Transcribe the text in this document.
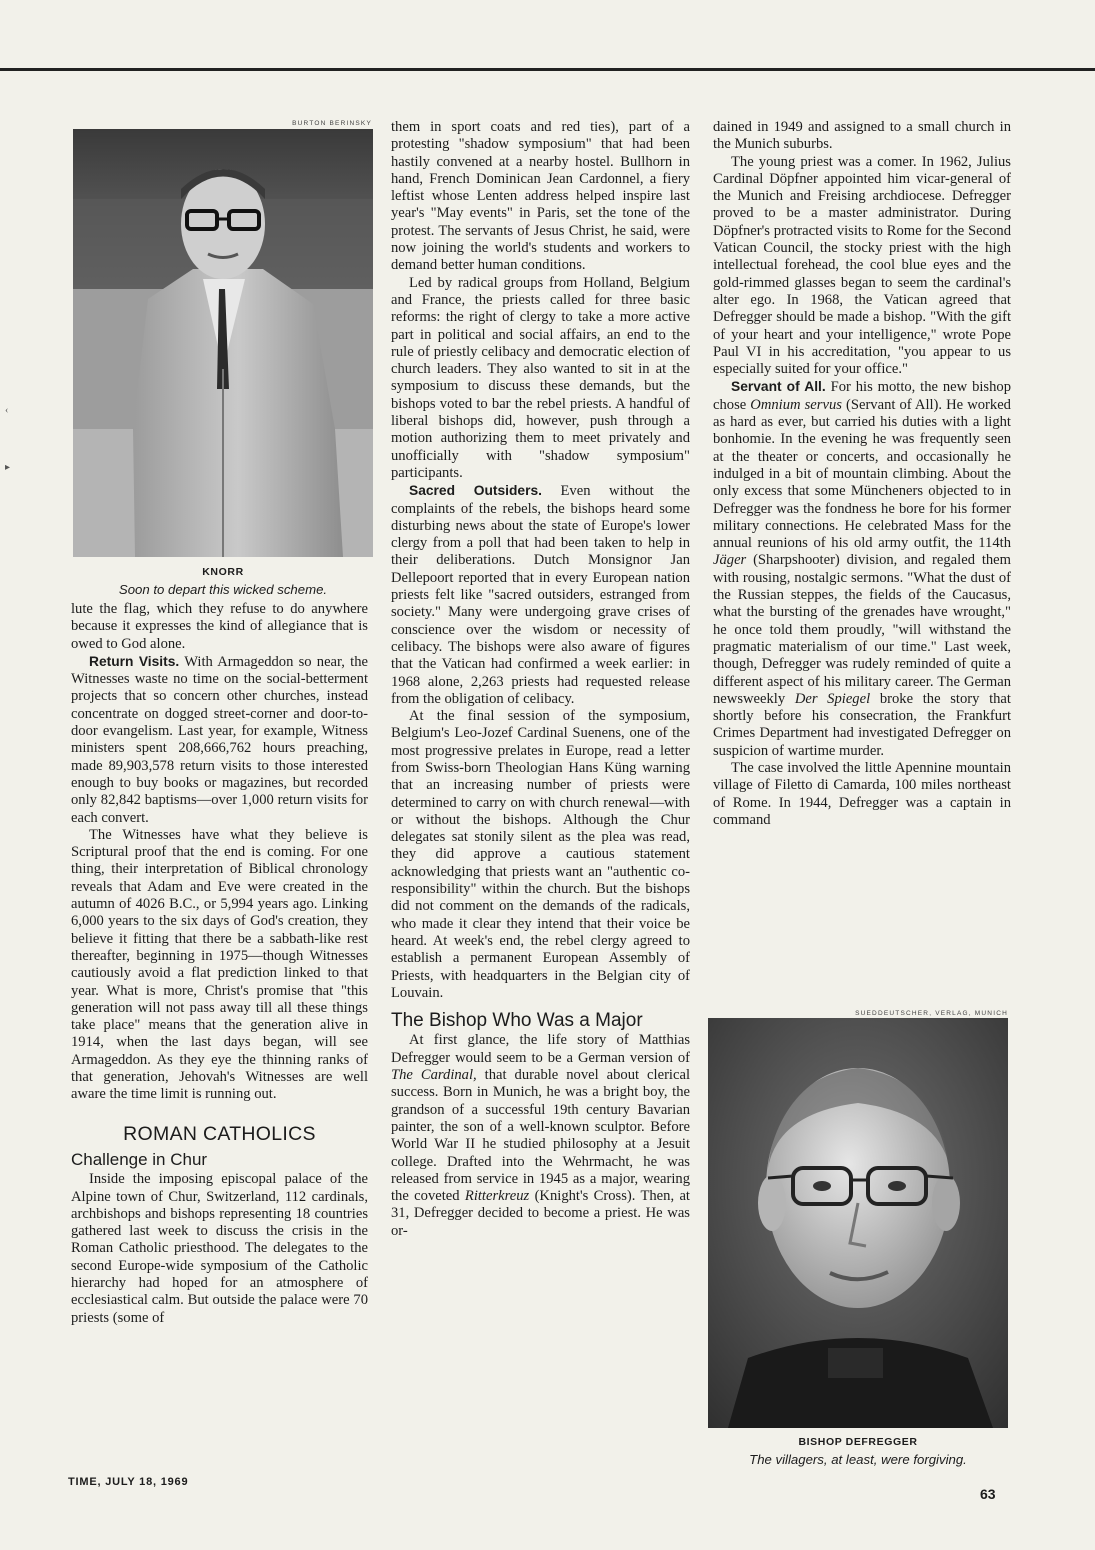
‹
▸
BURTON BERINSKY
KNORR
Soon to depart this wicked scheme.

lute the flag, which they refuse to do anywhere because it expresses the kind of allegiance that is owed to God alone.

Return Visits. With Armageddon so near, the Witnesses waste no time on the social-betterment projects that so concern other churches, instead concentrate on dogged street-corner and door-to-door evangelism. Last year, for example, Witness ministers spent 208,666,762 hours preaching, made 89,903,578 return visits to those interested enough to buy books or magazines, but recorded only 82,842 baptisms—over 1,000 return visits for each convert.

The Witnesses have what they believe is Scriptural proof that the end is coming. For one thing, their interpretation of Biblical chronology reveals that Adam and Eve were created in the autumn of 4026 B.C., or 5,994 years ago. Linking 6,000 years to the six days of God's creation, they believe it fitting that there be a sabbath-like rest thereafter, beginning in 1975—though Witnesses cautiously avoid a flat prediction linked to that year. What is more, Christ's promise that "this generation will not pass away till all these things take place" means that the generation alive in 1914, when the last days began, will see Armageddon. As they eye the thinning ranks of that generation, Jehovah's Witnesses are well aware the time limit is running out.

ROMAN CATHOLICS
Challenge in Chur

Inside the imposing episcopal palace of the Alpine town of Chur, Switzerland, 112 cardinals, archbishops and bishops representing 18 countries gathered last week to discuss the crisis in the Roman Catholic priesthood. The delegates to the second Europe-wide symposium of the Catholic hierarchy had hoped for an atmosphere of ecclesiastical calm. But outside the palace were 70 priests (some of

them in sport coats and red ties), part of a protesting "shadow symposium" that had been hastily convened at a nearby hostel. Bullhorn in hand, French Dominican Jean Cardonnel, a fiery leftist whose Lenten address helped inspire last year's "May events" in Paris, set the tone of the protest. The servants of Jesus Christ, he said, were now joining the world's students and workers to demand better human conditions.

Led by radical groups from Holland, Belgium and France, the priests called for three basic reforms: the right of clergy to take a more active part in political and social affairs, an end to the rule of priestly celibacy and democratic election of church leaders. They also wanted to sit in at the symposium to discuss these demands, but the bishops voted to bar the rebel priests. A handful of liberal bishops did, however, push through a motion authorizing them to meet privately and unofficially with "shadow symposium" participants.

Sacred Outsiders. Even without the complaints of the rebels, the bishops heard some disturbing news about the state of Europe's lower clergy from a poll that had been taken to help in their deliberations. Dutch Monsignor Jan Dellepoort reported that in every European nation priests felt like "sacred outsiders, estranged from society." Many were undergoing grave crises of conscience over the wisdom or necessity of celibacy. The bishops were also aware of figures that the Vatican had confirmed a week earlier: in 1968 alone, 2,263 priests had requested release from the obligation of celibacy.

At the final session of the symposium, Belgium's Leo-Jozef Cardinal Suenens, one of the most progressive prelates in Europe, read a letter from Swiss-born Theologian Hans Küng warning that an increasing number of priests were determined to carry on with church renewal—with or without the bishops. Although the Chur delegates sat stonily silent as the plea was read, they did approve a cautious statement acknowledging that priests want an "authentic co-responsibility" within the church. But the bishops did not comment on the demands of the radicals, who made it clear they intend that their voice be heard. At week's end, the rebel clergy agreed to establish a permanent European Assembly of Priests, with headquarters in the Belgian city of Louvain.

The Bishop Who Was a Major

At first glance, the life story of Matthias Defregger would seem to be a German version of The Cardinal, that durable novel about clerical success. Born in Munich, he was a bright boy, the grandson of a successful 19th century Bavarian painter, the son of a well-known sculptor. Before World War II he studied philosophy at a Jesuit college. Drafted into the Wehrmacht, he was released from service in 1945 as a major, wearing the coveted Ritterkreuz (Knight's Cross). Then, at 31, Defregger decided to become a priest. He was or-

dained in 1949 and assigned to a small church in the Munich suburbs.

The young priest was a comer. In 1962, Julius Cardinal Döpfner appointed him vicar-general of the Munich and Freising archdiocese. Defregger proved to be a master administrator. During Döpfner's protracted visits to Rome for the Second Vatican Council, the stocky priest with the high intellectual forehead, the cool blue eyes and the gold-rimmed glasses began to seem the cardinal's alter ego. In 1968, the Vatican agreed that Defregger should be made a bishop. "With the gift of your heart and your intelligence," wrote Pope Paul VI in his accreditation, "you appear to us especially suited for your office."

Servant of All. For his motto, the new bishop chose Omnium servus (Servant of All). He worked as hard as ever, but carried his duties with a light bonhomie. In the evening he was frequently seen at the theater or concerts, and occasionally he indulged in a bit of mountain climbing. About the only excess that some Müncheners objected to in Defregger was the fondness he bore for his former military connections. He celebrated Mass for the annual reunions of his old army outfit, the 114th Jäger (Sharpshooter) division, and regaled them with rousing, nostalgic sermons. "What the dust of the Russian steppes, the fields of the Caucasus, what the bursting of the grenades have wrought," he once told them proudly, "will withstand the pragmatic materialism of our time." Last week, though, Defregger was rudely reminded of quite a different aspect of his military career. The German newsweekly Der Spiegel broke the story that shortly before his consecration, the Frankfurt Crimes Department had investigated Defregger on suspicion of wartime murder.

The case involved the little Apennine mountain village of Filetto di Camarda, 100 miles northeast of Rome. In 1944, Defregger was a captain in command

SUEDDEUTSCHER, VERLAG, MUNICH
BISHOP DEFREGGER
The villagers, at least, were forgiving.
TIME, JULY 18, 1969
63
